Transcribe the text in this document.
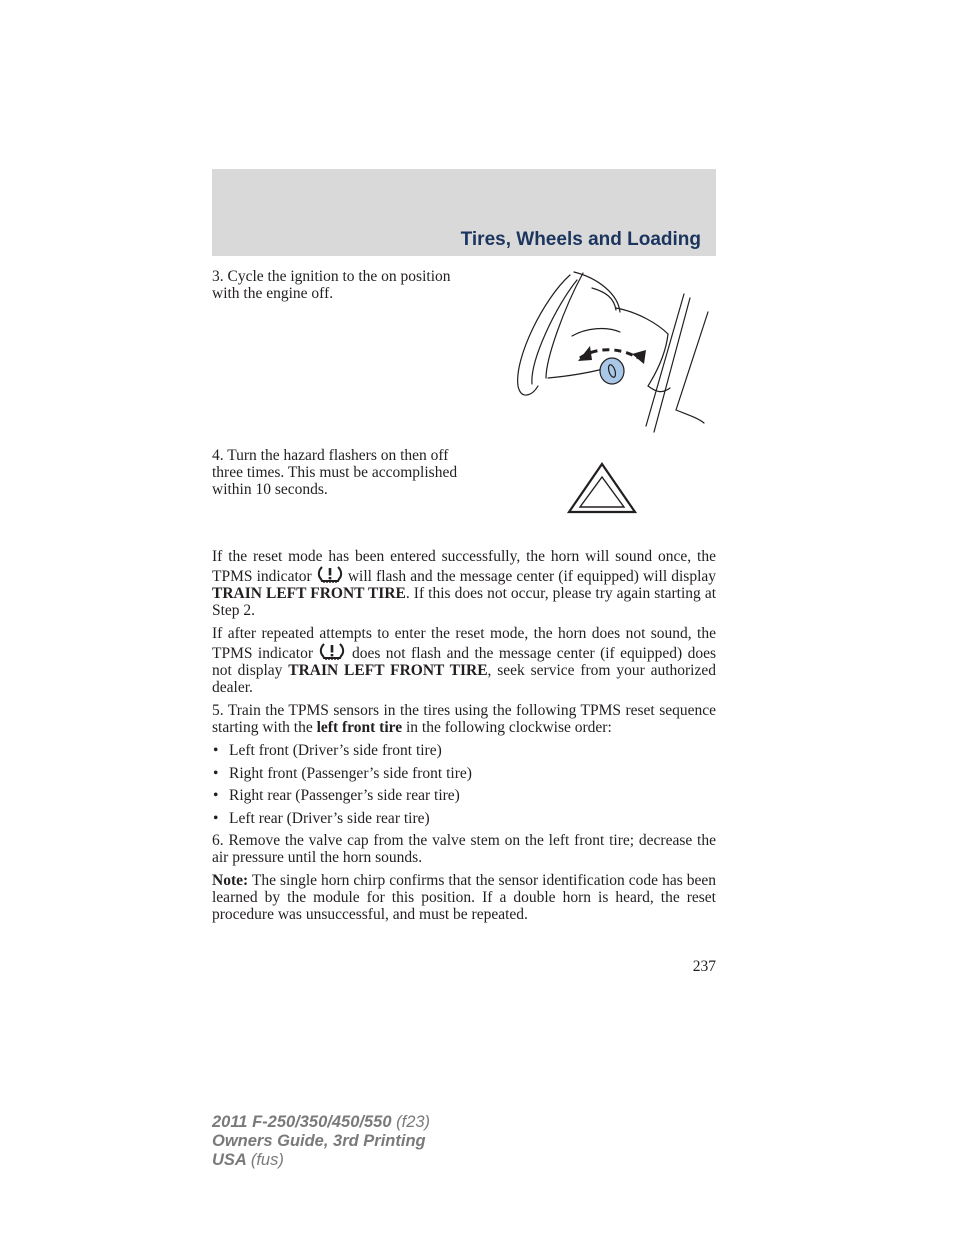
Tires, Wheels and Loading
3. Cycle the ignition to the on position with the engine off.
4. Turn the hazard flashers on then off three times. This must be accomplished within 10 seconds.

If the reset mode has been entered successfully, the horn will sound once, the TPMS indicator will flash and the message center (if equipped) will display TRAIN LEFT FRONT TIRE. If this does not occur, please try again starting at Step 2.

If after repeated attempts to enter the reset mode, the horn does not sound, the TPMS indicator	does not flash and the message center (if equipped) does not display TRAIN LEFT FRONT TIRE, seek service from your authorized dealer.

5. Train the TPMS sensors in the tires using the following TPMS reset sequence starting with the left front tire in the following clockwise order:

• Left front (Driver’s side front tire)
• Right front (Passenger’s side front tire)
• Right rear (Passenger’s side rear tire)
• Left rear (Driver’s side rear tire)

6. Remove the valve cap from the valve stem on the left front tire; decrease the air pressure until the horn sounds.

Note: The single horn chirp confirms that the sensor identification code has been learned by the module for this position. If a double horn is heard, the reset procedure was unsuccessful, and must be repeated.

237
2011 F-250/350/450/550 (f23)
Owners Guide, 3rd Printing
USA (fus)
